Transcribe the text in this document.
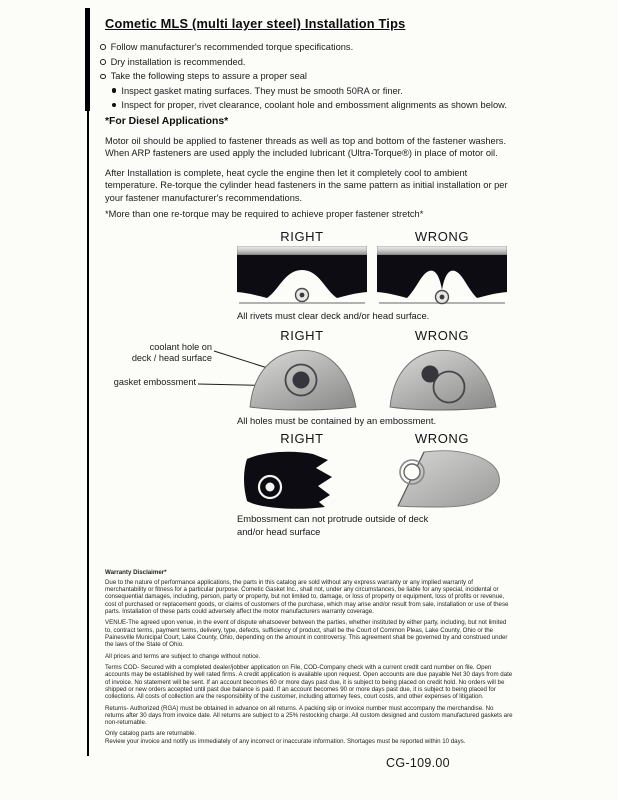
Cometic MLS (multi layer steel) Installation Tips
Follow manufacturer's recommended torque specifications.
Dry installation is recommended.
Take the following steps to assure a proper seal
Inspect gasket mating surfaces. They must be smooth 50RA or finer.
Inspect for proper, rivet clearance, coolant hole and embossment alignments as shown below.
*For Diesel Applications*
Motor oil should be applied to fastener threads as well as top and bottom of the fastener washers. When ARP fasteners are used apply the included lubricant (Ultra-Torque®) in place of motor oil.
After Installation is complete, heat cycle the engine then let it completely cool to ambient temperature. Re-torque the cylinder head fasteners in the same pattern as initial installation or per your fastener manufacturer's recommendations.
*More than one re-torque may be required to achieve proper fastener stretch*
RIGHT	WRONG
All rivets must clear deck and/or head surface.
RIGHT	WRONG
coolant hole on
deck / head surface
gasket embossment
All holes must be contained by an embossment.
RIGHT	WRONG
Embossment can not protrude outside of deck
and/or head surface

Warranty Disclaimer*

Due to the nature of performance applications, the parts in this catalog are sold without any express warranty or any implied warranty of merchantability or fitness for a particular purpose. Cometic Gasket Inc., shall not, under any circumstances, be liable for any special, incidental or consequential damages, including, person, party or property, but not limited to, damage, or loss of property or equipment, loss of profits or revenue, cost of purchased or replacement goods, or claims of customers of the purchase, which may arise and/or result from sale, installation or use of these parts. Installation of these parts could adversely affect the motor manufacturers warranty coverage.

VENUE-The agreed upon venue, in the event of dispute whatsoever between the parties, whether instituted by either party, including, but not limited to, contract terms, payment terms, delivery, type, defects, sufficiency of product, shall be the Court of Common Pleas, Lake County, Ohio or the Painesville Municipal Court, Lake County, Ohio, depending on the amount in controversy. This agreement shall be governed by and construed under the laws of the State of Ohio.

All prices and terms are subject to change without notice.

Terms COD- Secured with a completed dealer/jobber application on File, COD-Company check with a current credit card number on file. Open accounts may be established by well rated firms. A credit application is available upon request. Open accounts are due payable Net 30 days from date of invoice. No statement will be sent. If an account becomes 60 or more days past due, it is subject to being placed on credit hold. No orders will be shipped or new orders accepted until past due balance is paid. If an account becomes 90 or more days past due, it is subject to being placed for collections. All costs of collection are the responsibility of the customer, including attorney fees, court costs, and other expenses of litigation.

Returns- Authorized (RGA) must be obtained in advance on all returns. A packing slip or invoice number must accompany the merchandise. No returns after 30 days from invoice date. All returns are subject to a 25% restocking charge. All custom designed and custom manufactured gaskets are non-returnable.

Only catalog parts are returnable.

Review your invoice and notify us immediately of any incorrect or inaccurate information. Shortages must be reported within 10 days.

CG-109.00
